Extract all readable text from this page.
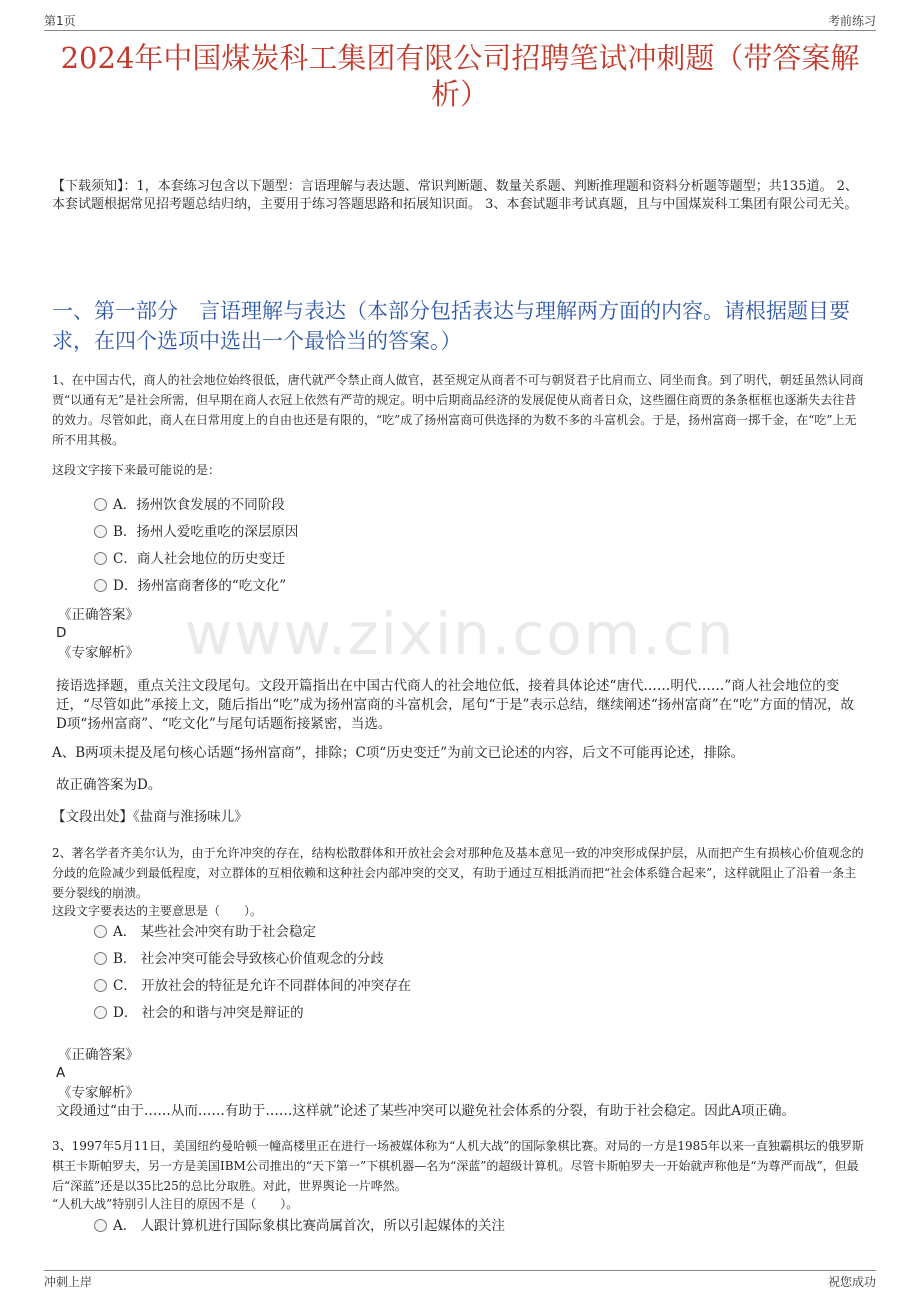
第1页	考前练习
2024年中国煤炭科工集团有限公司招聘笔试冲刺题（带答案解析）
【下载须知】：1，本套练习包含以下题型：言语理解与表达题、常识判断题、数量关系题、判断推理题和资料分析题等题型；共135道。 2、本套试题根据常见招考题总结归纳，主要用于练习答题思路和拓展知识面。 3、本套试题非考试真题，且与中国煤炭科工集团有限公司无关。
一、第一部分　言语理解与表达（本部分包括表达与理解两方面的内容。请根据题目要求，在四个选项中选出一个最恰当的答案。）
www.zixin.com.cn
1、在中国古代，商人的社会地位始终很低，唐代就严令禁止商人做官，甚至规定从商者不可与朝贤君子比肩而立、同坐而食。到了明代，朝廷虽然认同商贾“以通有无”是社会所需，但早期在商人衣冠上依然有严苛的规定。明中后期商品经济的发展促使从商者日众，这些圈住商贾的条条框框也逐渐失去往昔的效力。尽管如此，商人在日常用度上的自由也还是有限的，“吃”成了扬州富商可供选择的为数不多的斗富机会。于是，扬州富商一掷千金，在“吃”上无所不用其极。
这段文字接下来最可能说的是：
A．扬州饮食发展的不同阶段
B．扬州人爱吃重吃的深层原因
C．商人社会地位的历史变迁
D．扬州富商奢侈的“吃文化”
《正确答案》
D
《专家解析》
接语选择题，重点关注文段尾句。文段开篇指出在中国古代商人的社会地位低，接着具体论述“唐代……明代……”商人社会地位的变迁，“尽管如此”承接上文，随后指出“吃”成为扬州富商的斗富机会，尾句“于是”表示总结，继续阐述“扬州富商”在“吃”方面的情况，故D项“扬州富商”、“吃文化”与尾句话题衔接紧密，当选。
A、B两项未提及尾句核心话题“扬州富商”，排除；C项“历史变迁”为前文已论述的内容，后文不可能再论述，排除。
故正确答案为D。
【文段出处】《盐商与淮扬味儿》
2、著名学者齐美尔认为，由于允许冲突的存在，结构松散群体和开放社会会对那种危及基本意见一致的冲突形成保护层，从而把产生有损核心价值观念的分歧的危险减少到最低程度，对立群体的互相依赖和这种社会内部冲突的交叉，有助于通过互相抵消而把“社会体系缝合起来”，这样就阻止了沿着一条主要分裂线的崩溃。
这段文字要表达的主要意思是（　　）。
A． 某些社会冲突有助于社会稳定
B． 社会冲突可能会导致核心价值观念的分歧
C． 开放社会的特征是允许不同群体间的冲突存在
D． 社会的和谐与冲突是辩证的
《正确答案》
A
《专家解析》
文段通过“由于……从而……有助于……这样就”论述了某些冲突可以避免社会体系的分裂，有助于社会稳定。因此A项正确。
3、1997年5月11日，美国纽约曼哈顿一幢高楼里正在进行一场被媒体称为“人机大战”的国际象棋比赛。对局的一方是1985年以来一直独霸棋坛的俄罗斯棋王卡斯帕罗夫，另一方是美国IBM公司推出的“天下第一”下棋机器—名为“深蓝”的超级计算机。尽管卡斯帕罗夫一开始就声称他是“为尊严而战”，但最后“深蓝”还是以35比25的总比分取胜。对此，世界舆论一片哗然。
“人机大战”特别引人注目的原因不是（　　）。
A． 人跟计算机进行国际象棋比赛尚属首次，所以引起媒体的关注
冲刺上岸	祝您成功
